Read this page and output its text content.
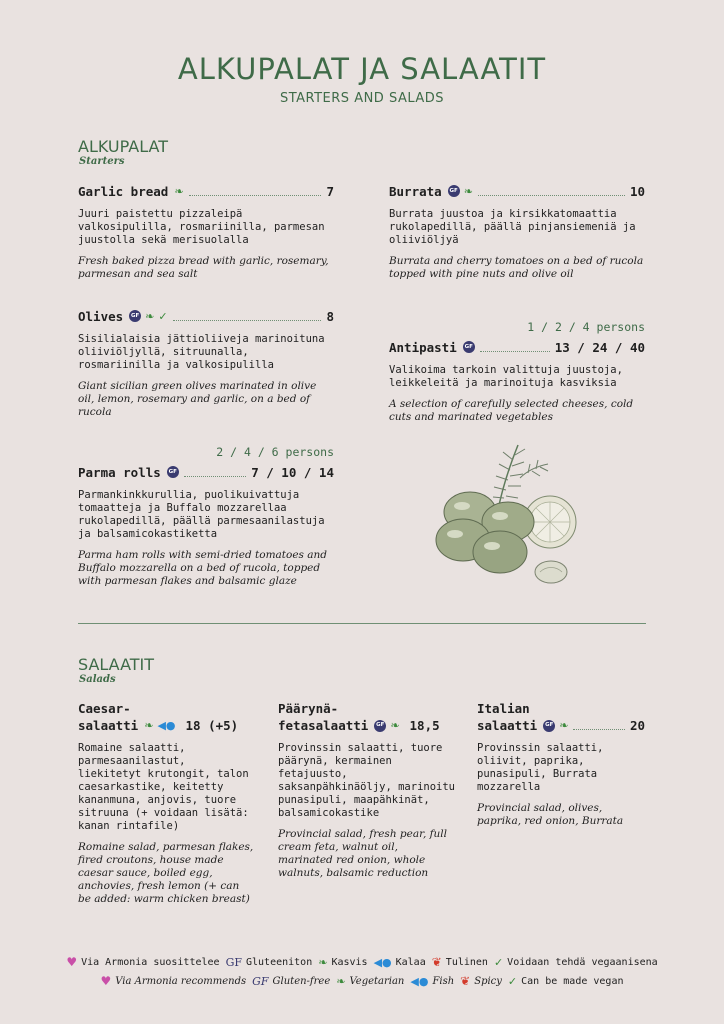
ALKUPALAT JA SALAATIT
STARTERS AND SALADS
ALKUPALAT
Starters
Garlic bread ❧	7
Juuri paistettu pizzaleipä valkosipulilla, rosmariinilla, parmesan juustolla sekä merisuolalla
Fresh baked pizza bread with garlic, rosemary, parmesan and sea salt
Burrata	GF ❧	10
Burrata juustoa ja kirsikkatomaattia rukolapedillä, päällä pinjansiemeniä ja oliiviöljyä
Burrata and cherry tomatoes on a bed of rucola topped with pine nuts and olive oil
Olives	GF ❧ ✓	8
Sisilialaisia jättioliiveja marinoituna oliiviöljyllä, sitruunalla, rosmariinilla ja valkosipulilla
Giant sicilian green olives marinated in olive oil, lemon, rosemary and garlic, on a bed of rucola
1 / 2 / 4 persons
Antipasti	GF	13 / 24 / 40
Valikoima tarkoin valittuja juustoja, leikkeleitä ja marinoituja kasviksia
A selection of carefully selected cheeses, cold cuts and marinated vegetables
2 / 4 / 6 persons
Parma rolls	GF	7 / 10 / 14
Parmankinkkurullia, puolikuivattuja tomaatteja ja Buffalo mozzarellaa rukolapedillä, päällä parmesaanilastuja ja balsamicokastiketta
Parma ham rolls with semi-dried tomatoes and Buffalo mozzarella on a bed of rucola, topped with parmesan flakes and balsamic glaze
SALAATIT
Salads
Caesar-
salaatti ❧ ◀● 18 (+5)
Romaine salaatti, parmesaanilastut, liekitetyt krutongit, talon caesarkastike, keitetty kananmuna, anjovis, tuore sitruuna (+ voidaan lisätä: kanan rintafile)
Romaine salad, parmesan flakes, fired croutons, house made caesar sauce, boiled egg, anchovies, fresh lemon (+ can be added: warm chicken breast)
Päärynä-
fetasalaatti	GF ❧ 18,5
Provinssin salaatti, tuore päärynä, kermainen fetajuusto, saksanpähkinäöljy, marinoitu punasipuli, maapähkinät, balsamicokastike
Provincial salad, fresh pear, full cream feta, walnut oil, marinated red onion, whole walnuts, balsamic reduction
Italian
salaatti	GF ❧	20
Provinssin salaatti, oliivit, paprika, punasipuli, Burrata mozzarella
Provincial salad, olives, paprika, red onion, Burrata
♥ Via Armonia suosittelee GF Gluteeniton ❧ Kasvis ◀● Kalaa ❦ Tulinen ✓ Voidaan tehdä vegaanisena
♥ Via Armonia recommends GF Gluten-free ❧ Vegetarian ◀● Fish ❦ Spicy ✓ Can be made vegan
